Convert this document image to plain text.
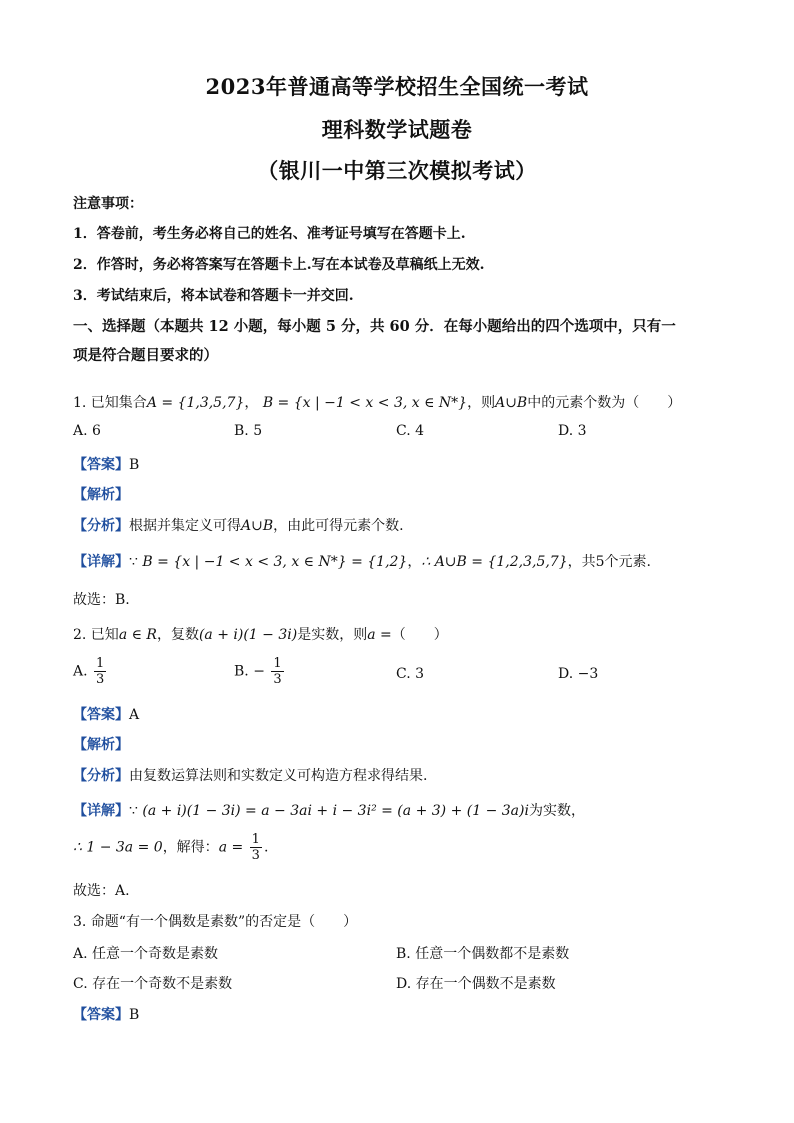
2023年普通高等学校招生全国统一考试
理科数学试题卷
（银川一中第三次模拟考试）
注意事项：
1．答卷前，考生务必将自己的姓名、准考证号填写在答题卡上.
2．作答时，务必将答案写在答题卡上.写在本试卷及草稿纸上无效.
3．考试结束后，将本试卷和答题卡一并交回.
一、选择题（本题共 12 小题，每小题 5 分，共 60 分．在每小题给出的四个选项中，只有一
项是符合题目要求的）
1. 已知集合A = {1,3,5,7}， B = {x | −1 < x < 3, x ∈ N*}，则A∪B中的元素个数为（　　）
A. 6	B. 5	C. 4	D. 3
【答案】B
【解析】
【分析】根据并集定义可得A∪B，由此可得元素个数.
【详解】∵ B = {x | −1 < x < 3, x ∈ N*} = {1,2}，∴ A∪B = {1,2,3,5,7}，共5个元素.
故选：B.
2. 已知a ∈ R，复数(a + i)(1 − 3i)是实数，则a =（　　）
A. $\frac{1}{3}$	B. − $\frac{1}{3}$	C. 3	D. −3
【答案】A
【解析】
【分析】由复数运算法则和实数定义可构造方程求得结果.
【详解】∵ (a + i)(1 − 3i) = a − 3ai + i − 3i² = (a + 3) + (1 − 3a)i为实数，
∴ 1 − 3a = 0，解得：$a = \frac{1}{3}$ .
故选：A.
3. 命题“有一个偶数是素数”的否定是（　　）
A. 任意一个奇数是素数	B. 任意一个偶数都不是素数
C. 存在一个奇数不是素数	D. 存在一个偶数不是素数
【答案】B
